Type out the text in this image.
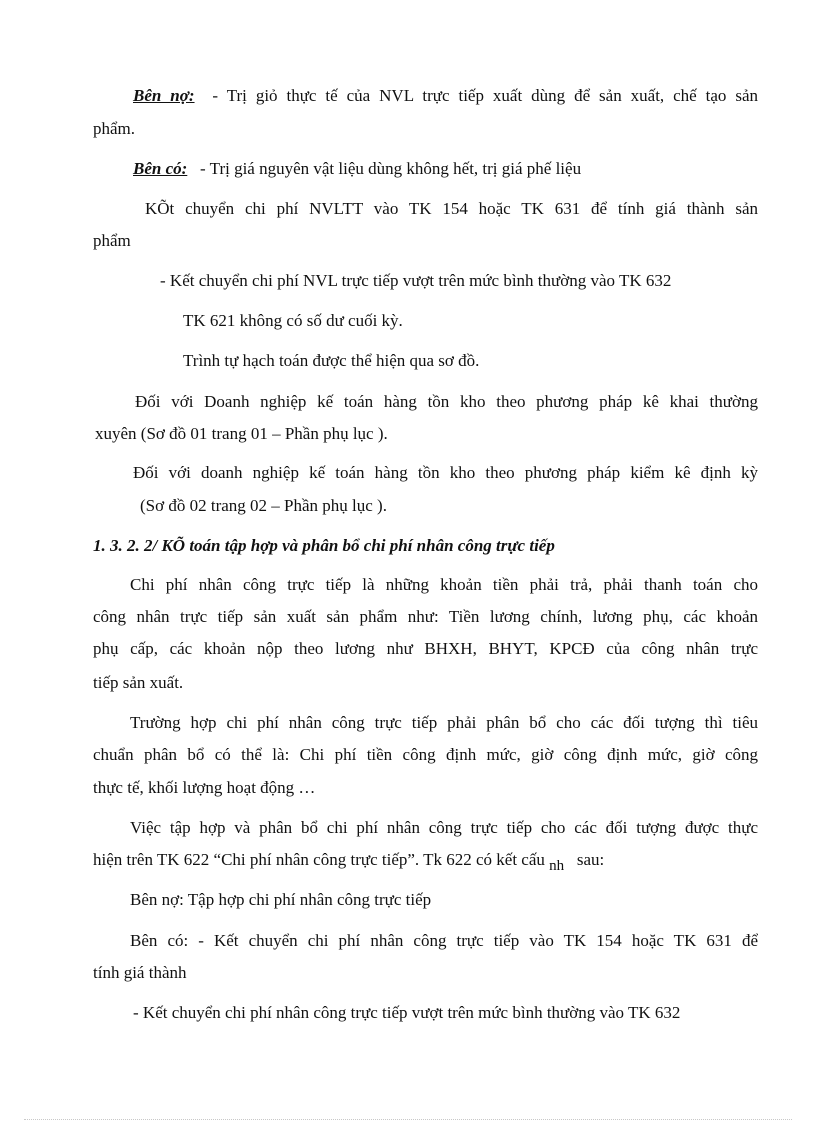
Bên nợ: - Trị giỏ thực tế của NVL trực tiếp xuất dùng để sản xuất, chế tạo sản
phẩm.
Bên có: - Trị giá nguyên vật liệu dùng không hết, trị giá phế liệu
KÕt chuyển chi phí NVLTT vào TK 154 hoặc TK 631 để tính giá thành sản
phẩm
- Kết chuyển chi phí NVL trực tiếp vượt trên mức bình thường vào TK 632
TK 621 không có số dư cuối kỳ.
Trình tự hạch toán được thể hiện qua sơ đồ.
Đối với Doanh nghiệp kế toán hàng tồn kho theo phương pháp kê khai thường
xuyên (Sơ đồ 01 trang 01 – Phần phụ lục ).
Đối với doanh nghiệp kế toán hàng tồn kho theo phương pháp kiểm kê định kỳ
(Sơ đồ 02 trang 02 – Phần phụ lục ).
1. 3. 2. 2/ KÕ toán tập hợp và phân bổ chi phí nhân công trực tiếp
Chi phí nhân công trực tiếp là những khoản tiền phải trả, phải thanh toán cho
công nhân trực tiếp sản xuất sản phẩm như: Tiền lương chính, lương phụ, các khoản
phụ cấp, các khoản nộp theo lương như BHXH, BHYT, KPCĐ của công nhân trực
tiếp sản xuất.
Trường hợp chi phí nhân công trực tiếp phải phân bổ cho các đối tượng thì tiêu
chuẩn phân bổ có thể là: Chi phí tiền công định mức, giờ công định mức, giờ công
thực tế, khối lượng hoạt động …
Việc tập hợp và phân bổ chi phí nhân công trực tiếp cho các đối tượng được thực
hiện trên TK 622 “Chi phí nhân công trực tiếp”. Tk 622 có kết cấu nh sau:
Bên nợ: Tập hợp chi phí nhân công trực tiếp
Bên có: - Kết chuyển chi phí nhân công trực tiếp vào TK 154 hoặc TK 631 để
tính giá thành
- Kết chuyển chi phí nhân công trực tiếp vượt trên mức bình thường vào TK 632
